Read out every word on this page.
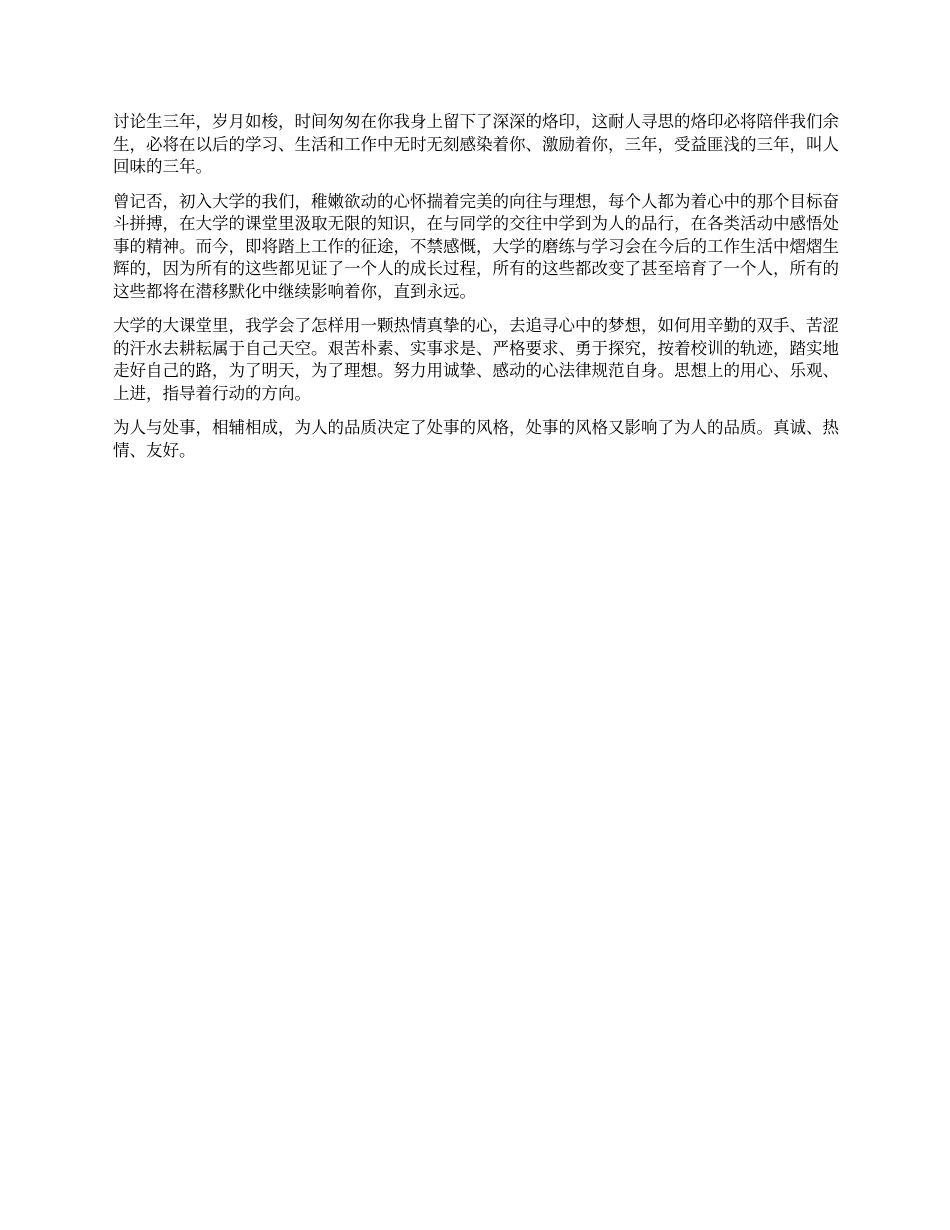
讨论生三年，岁月如梭，时间匆匆在你我身上留下了深深的烙印，这耐人寻思的烙印必将陪伴我们余生，必将在以后的学习、生活和工作中无时无刻感染着你、激励着你，三年，受益匪浅的三年，叫人回味的三年。

曾记否，初入大学的我们，稚嫩欲动的心怀揣着完美的向往与理想，每个人都为着心中的那个目标奋斗拼搏，在大学的课堂里汲取无限的知识，在与同学的交往中学到为人的品行，在各类活动中感悟处事的精神。而今，即将踏上工作的征途，不禁感慨，大学的磨练与学习会在今后的工作生活中熠熠生辉的，因为所有的这些都见证了一个人的成长过程，所有的这些都改变了甚至培育了一个人，所有的这些都将在潜移默化中继续影响着你，直到永远。

大学的大课堂里，我学会了怎样用一颗热情真挚的心，去追寻心中的梦想，如何用辛勤的双手、苦涩的汗水去耕耘属于自己天空。艰苦朴素、实事求是、严格要求、勇于探究，按着校训的轨迹，踏实地走好自己的路，为了明天，为了理想。努力用诚挚、感动的心法律规范自身。思想上的用心、乐观、上进，指导着行动的方向。

为人与处事，相辅相成，为人的品质决定了处事的风格，处事的风格又影响了为人的品质。真诚、热情、友好。
